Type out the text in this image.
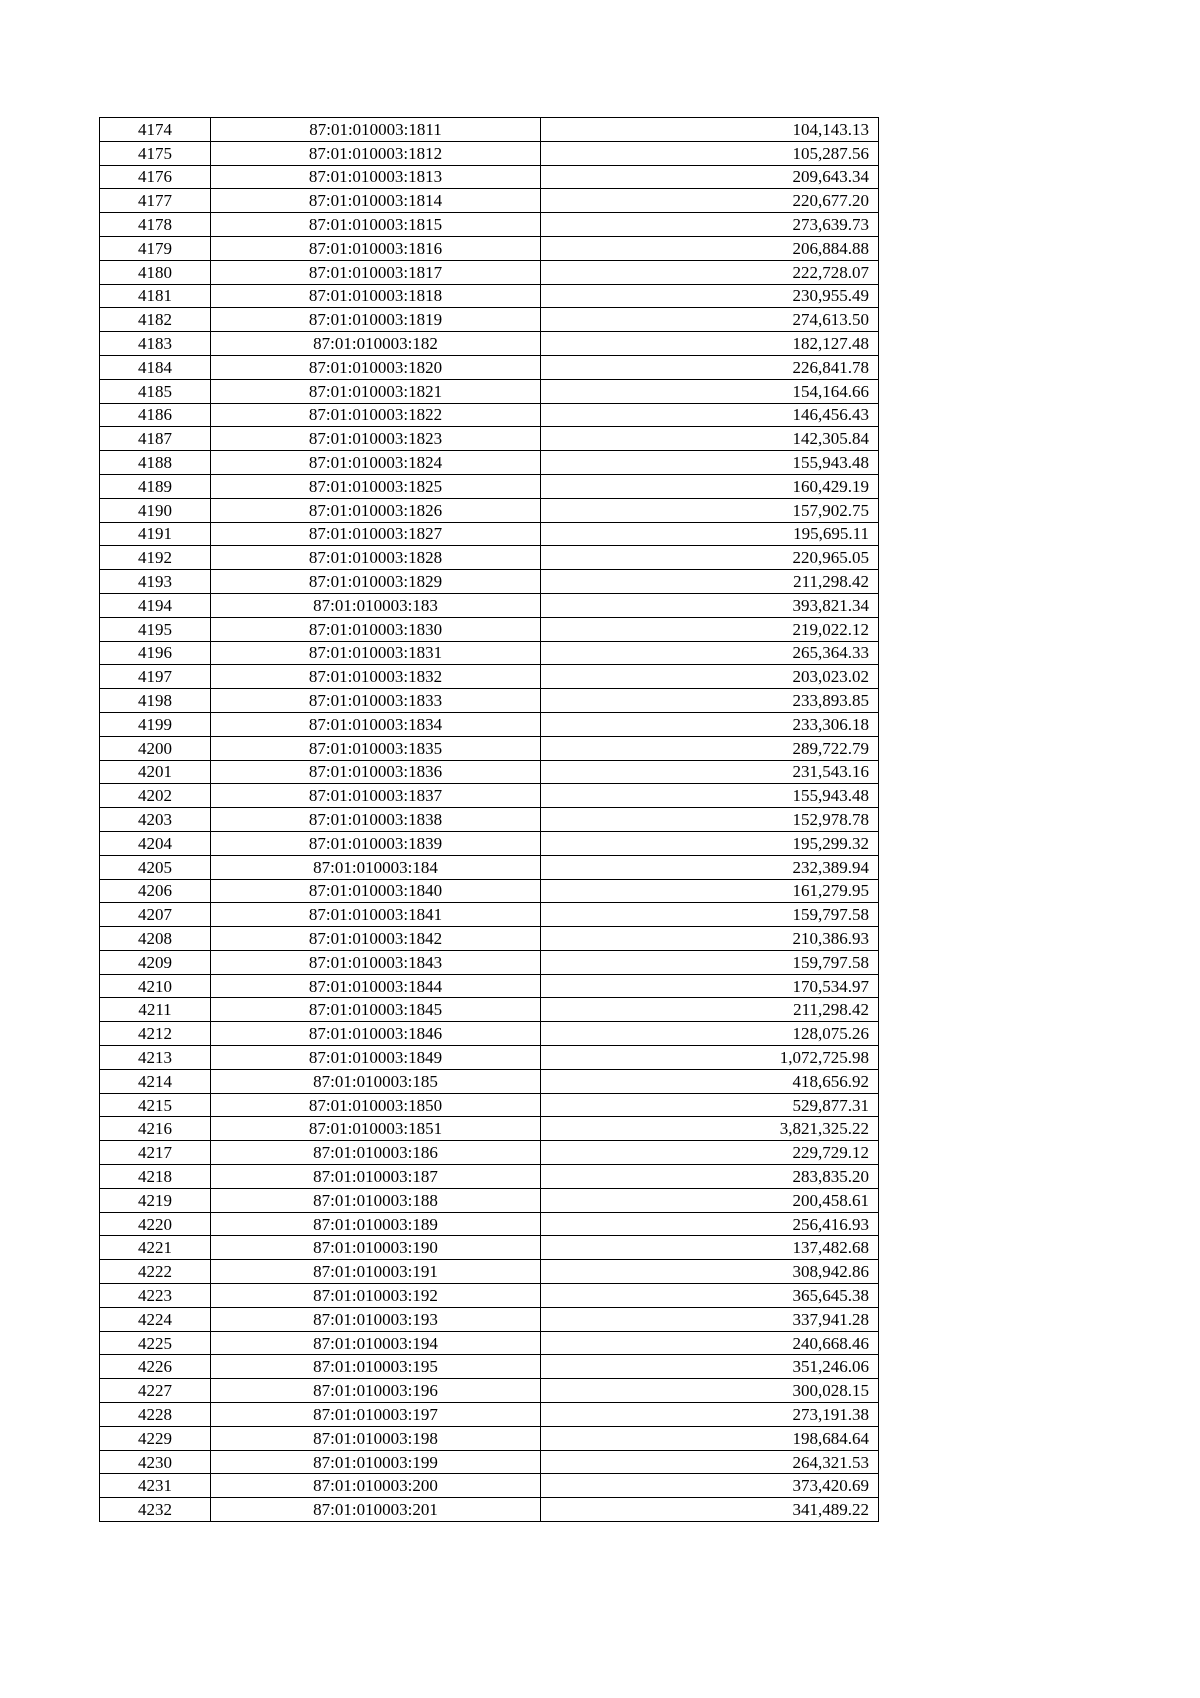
4174	87:01:010003:1811	104,143.13
4175	87:01:010003:1812	105,287.56
4176	87:01:010003:1813	209,643.34
4177	87:01:010003:1814	220,677.20
4178	87:01:010003:1815	273,639.73
4179	87:01:010003:1816	206,884.88
4180	87:01:010003:1817	222,728.07
4181	87:01:010003:1818	230,955.49
4182	87:01:010003:1819	274,613.50
4183	87:01:010003:182	182,127.48
4184	87:01:010003:1820	226,841.78
4185	87:01:010003:1821	154,164.66
4186	87:01:010003:1822	146,456.43
4187	87:01:010003:1823	142,305.84
4188	87:01:010003:1824	155,943.48
4189	87:01:010003:1825	160,429.19
4190	87:01:010003:1826	157,902.75
4191	87:01:010003:1827	195,695.11
4192	87:01:010003:1828	220,965.05
4193	87:01:010003:1829	211,298.42
4194	87:01:010003:183	393,821.34
4195	87:01:010003:1830	219,022.12
4196	87:01:010003:1831	265,364.33
4197	87:01:010003:1832	203,023.02
4198	87:01:010003:1833	233,893.85
4199	87:01:010003:1834	233,306.18
4200	87:01:010003:1835	289,722.79
4201	87:01:010003:1836	231,543.16
4202	87:01:010003:1837	155,943.48
4203	87:01:010003:1838	152,978.78
4204	87:01:010003:1839	195,299.32
4205	87:01:010003:184	232,389.94
4206	87:01:010003:1840	161,279.95
4207	87:01:010003:1841	159,797.58
4208	87:01:010003:1842	210,386.93
4209	87:01:010003:1843	159,797.58
4210	87:01:010003:1844	170,534.97
4211	87:01:010003:1845	211,298.42
4212	87:01:010003:1846	128,075.26
4213	87:01:010003:1849	1,072,725.98
4214	87:01:010003:185	418,656.92
4215	87:01:010003:1850	529,877.31
4216	87:01:010003:1851	3,821,325.22
4217	87:01:010003:186	229,729.12
4218	87:01:010003:187	283,835.20
4219	87:01:010003:188	200,458.61
4220	87:01:010003:189	256,416.93
4221	87:01:010003:190	137,482.68
4222	87:01:010003:191	308,942.86
4223	87:01:010003:192	365,645.38
4224	87:01:010003:193	337,941.28
4225	87:01:010003:194	240,668.46
4226	87:01:010003:195	351,246.06
4227	87:01:010003:196	300,028.15
4228	87:01:010003:197	273,191.38
4229	87:01:010003:198	198,684.64
4230	87:01:010003:199	264,321.53
4231	87:01:010003:200	373,420.69
4232	87:01:010003:201	341,489.22
